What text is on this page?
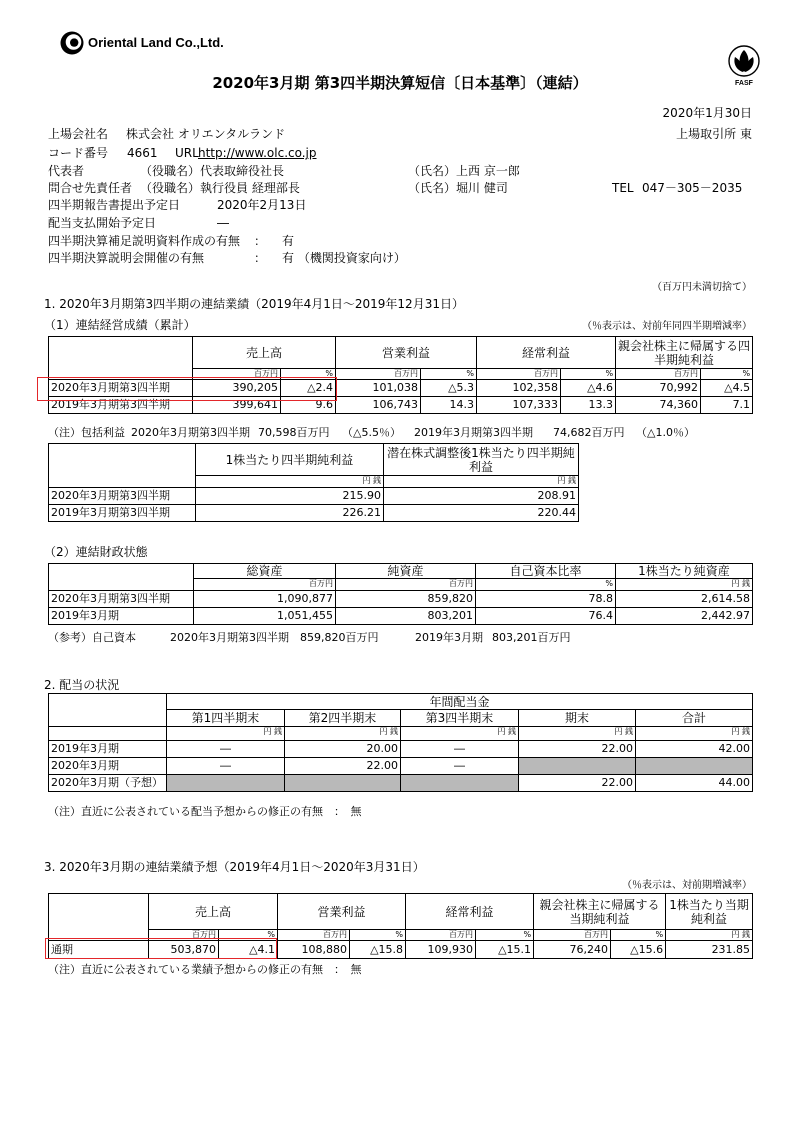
Oriental Land Co.,Ltd.
FASF
2020年3月期 第3四半期決算短信〔日本基準〕（連結）
2020年1月30日
上場会社名 株式会社 オリエンタルランド	上場取引所 東
コード番号 4661 URL http://www.olc.co.jp
代表者	（役職名） 代表取締役社長	（氏名） 上西 京一郎
問合せ先責任者 （役職名） 執行役員 経理部長	（氏名） 堀川 健司	TEL 047－305－2035
四半期報告書提出予定日	2020年2月13日
配当支払開始予定日	―
四半期決算補足説明資料作成の有無 ： 有
四半期決算説明会開催の有無	： 有 （機関投資家向け）
（百万円未満切捨て）
1. 2020年3月期第3四半期の連結業績（2019年4月1日～2019年12月31日）
（1）連結経営成績（累計）	（％表示は、対前年同四半期増減率）
	売上高		営業利益		経常利益		親会社株主に帰属する四半期純利益	
	百万円	%	百万円	%	百万円	%	百万円	%
2020年3月期第3四半期	390,205	△2.4	101,038	△5.3	102,358	△4.6	70,992	△4.5
2019年3月期第3四半期	399,641	9.6	106,743	14.3	107,333	13.3	74,360	7.1
（注）包括利益 2020年3月期第3四半期 70,598百万円 （△5.5％） 2019年3月期第3四半期 74,682百万円 （△1.0％）
	1株当たり四半期純利益	潜在株式調整後1株当たり四半期純利益
	円 銭	円 銭
2020年3月期第3四半期	215.90	208.91
2019年3月期第3四半期	226.21	220.44
（2）連結財政状態
	総資産	純資産	自己資本比率	1株当たり純資産
	百万円	百万円	%	円 銭
2020年3月期第3四半期	1,090,877	859,820	78.8	2,614.58
2019年3月期	1,051,455	803,201	76.4	2,442.97
（参考）自己資本	2020年3月期第3四半期 859,820百万円	2019年3月期 803,201百万円
2. 配当の状況
	年間配当金				
	第1四半期末	第2四半期末	第3四半期末	期末	合計
	円 銭	円 銭	円 銭	円 銭	円 銭
2019年3月期	―	20.00	―	22.00	42.00
2020年3月期	―	22.00	―		
2020年3月期（予想）				22.00	44.00
（注）直近に公表されている配当予想からの修正の有無　：　無
3. 2020年3月期の連結業績予想（2019年4月1日～2020年3月31日）
（％表示は、対前期増減率）
	売上高		営業利益		経常利益		親会社株主に帰属する当期純利益		1株当たり当期純利益
	百万円	%	百万円	%	百万円	%	百万円	%	円 銭
通期	503,870	△4.1	108,880	△15.8	109,930	△15.1	76,240	△15.6	231.85
（注）直近に公表されている業績予想からの修正の有無　：　無
